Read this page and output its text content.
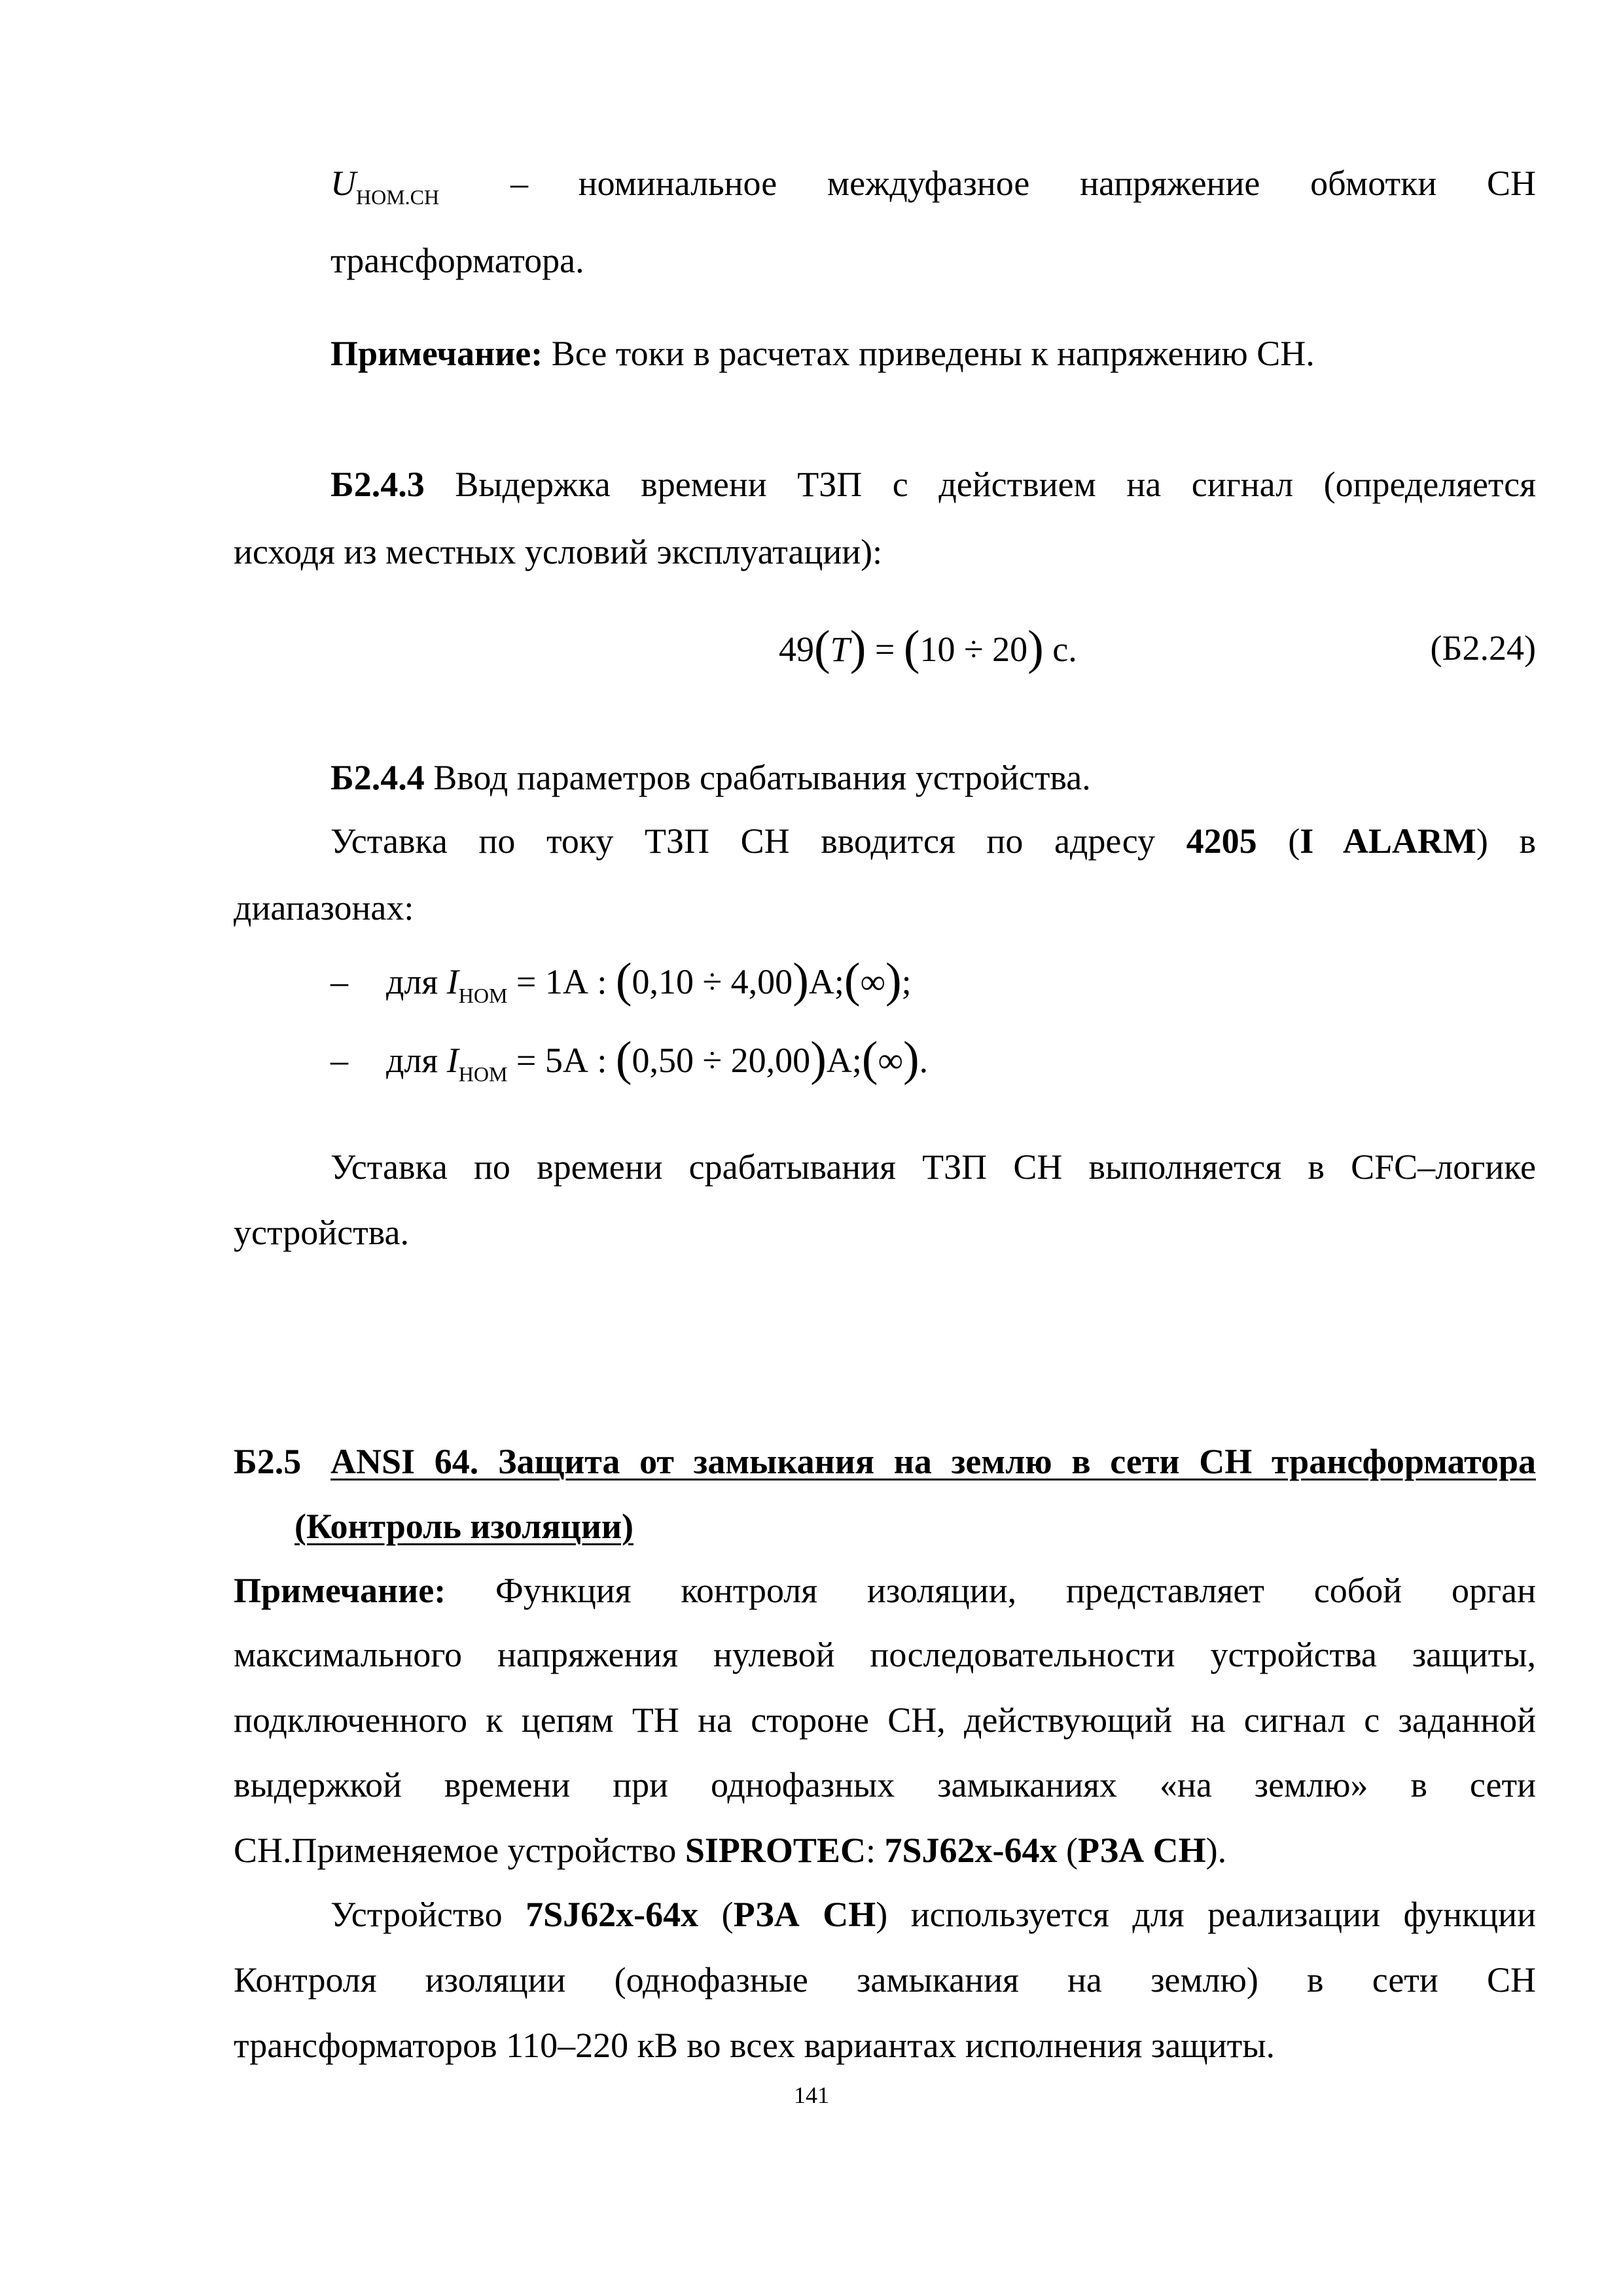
$U_{НОМ.СН}$ – номинальное междуфазное напряжение обмотки СН
трансформатора.
Примечание: Все токи в расчетах приведены к напряжению СН.
Б2.4.3 Выдержка времени ТЗП с действием на сигнал (определяется
исходя из местных условий эксплуатации):
49(T) = (10 ÷ 20) с.	(Б2.24)
Б2.4.4 Ввод параметров срабатывания устройства.
Уставка по току ТЗП СН вводится по адресу 4205 (I ALARM) в
диапазонах:
– для $I_{НОМ} = 1А$ : (0,10 ÷ 4,00)А;(∞);
– для $I_{НОМ} = 5А$ : (0,50 ÷ 20,00)А;(∞).
Уставка по времени срабатывания ТЗП СН выполняется в CFC–логике
устройства.
Б2.5 ANSI 64. Защита от замыкания на землю в сети СН трансформатора
(Контроль изоляции)
Примечание: Функция контроля изоляции, представляет собой орган
максимального напряжения нулевой последовательности устройства защиты,
подключенного к цепям ТН на стороне СН, действующий на сигнал с заданной
выдержкой времени при однофазных замыканиях «на землю» в сети
СН.Применяемое устройство SIPROTEC: 7SJ62x-64x (РЗА СН).
Устройство 7SJ62x-64x (РЗА СН) используется для реализации функции
Контроля изоляции (однофазные замыкания на землю) в сети СН
трансформаторов 110–220 кВ во всех вариантах исполнения защиты.
141
